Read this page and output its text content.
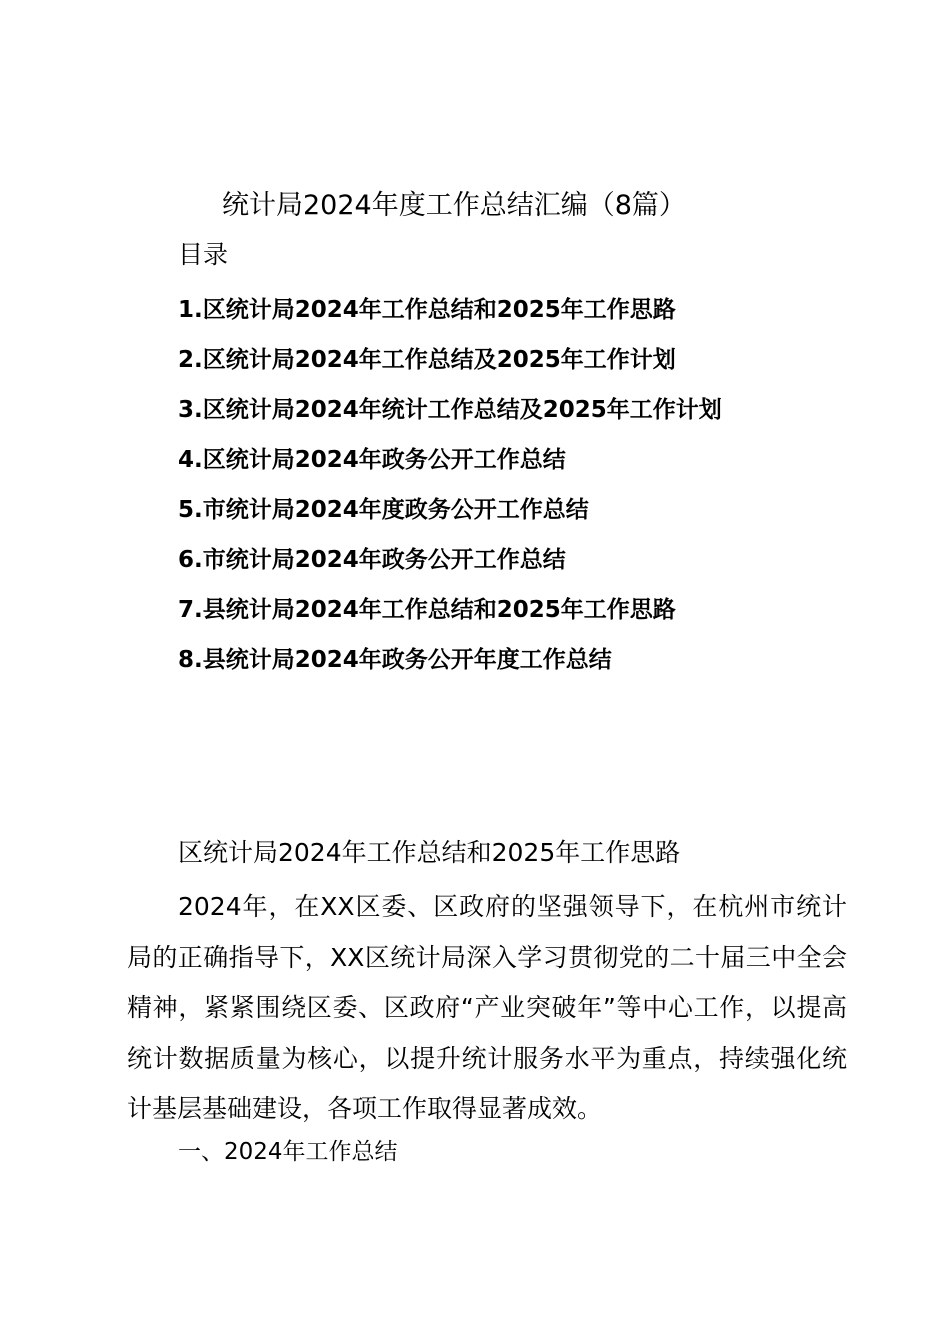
统计局2024年度工作总结汇编（8篇）
目录
1.区统计局2024年工作总结和2025年工作思路
2.区统计局2024年工作总结及2025年工作计划
3.区统计局2024年统计工作总结及2025年工作计划
4.区统计局2024年政务公开工作总结
5.市统计局2024年度政务公开工作总结
6.市统计局2024年政务公开工作总结
7.县统计局2024年工作总结和2025年工作思路
8.县统计局2024年政务公开年度工作总结
区统计局2024年工作总结和2025年工作思路

2024年，在XX区委、区政府的坚强领导下，在杭州市统计局的正确指导下，XX区统计局深入学习贯彻党的二十届三中全会精神，紧紧围绕区委、区政府“产业突破年”等中心工作，以提高统计数据质量为核心，以提升统计服务水平为重点，持续强化统计基层基础建设，各项工作取得显著成效。

一、2024年工作总结
